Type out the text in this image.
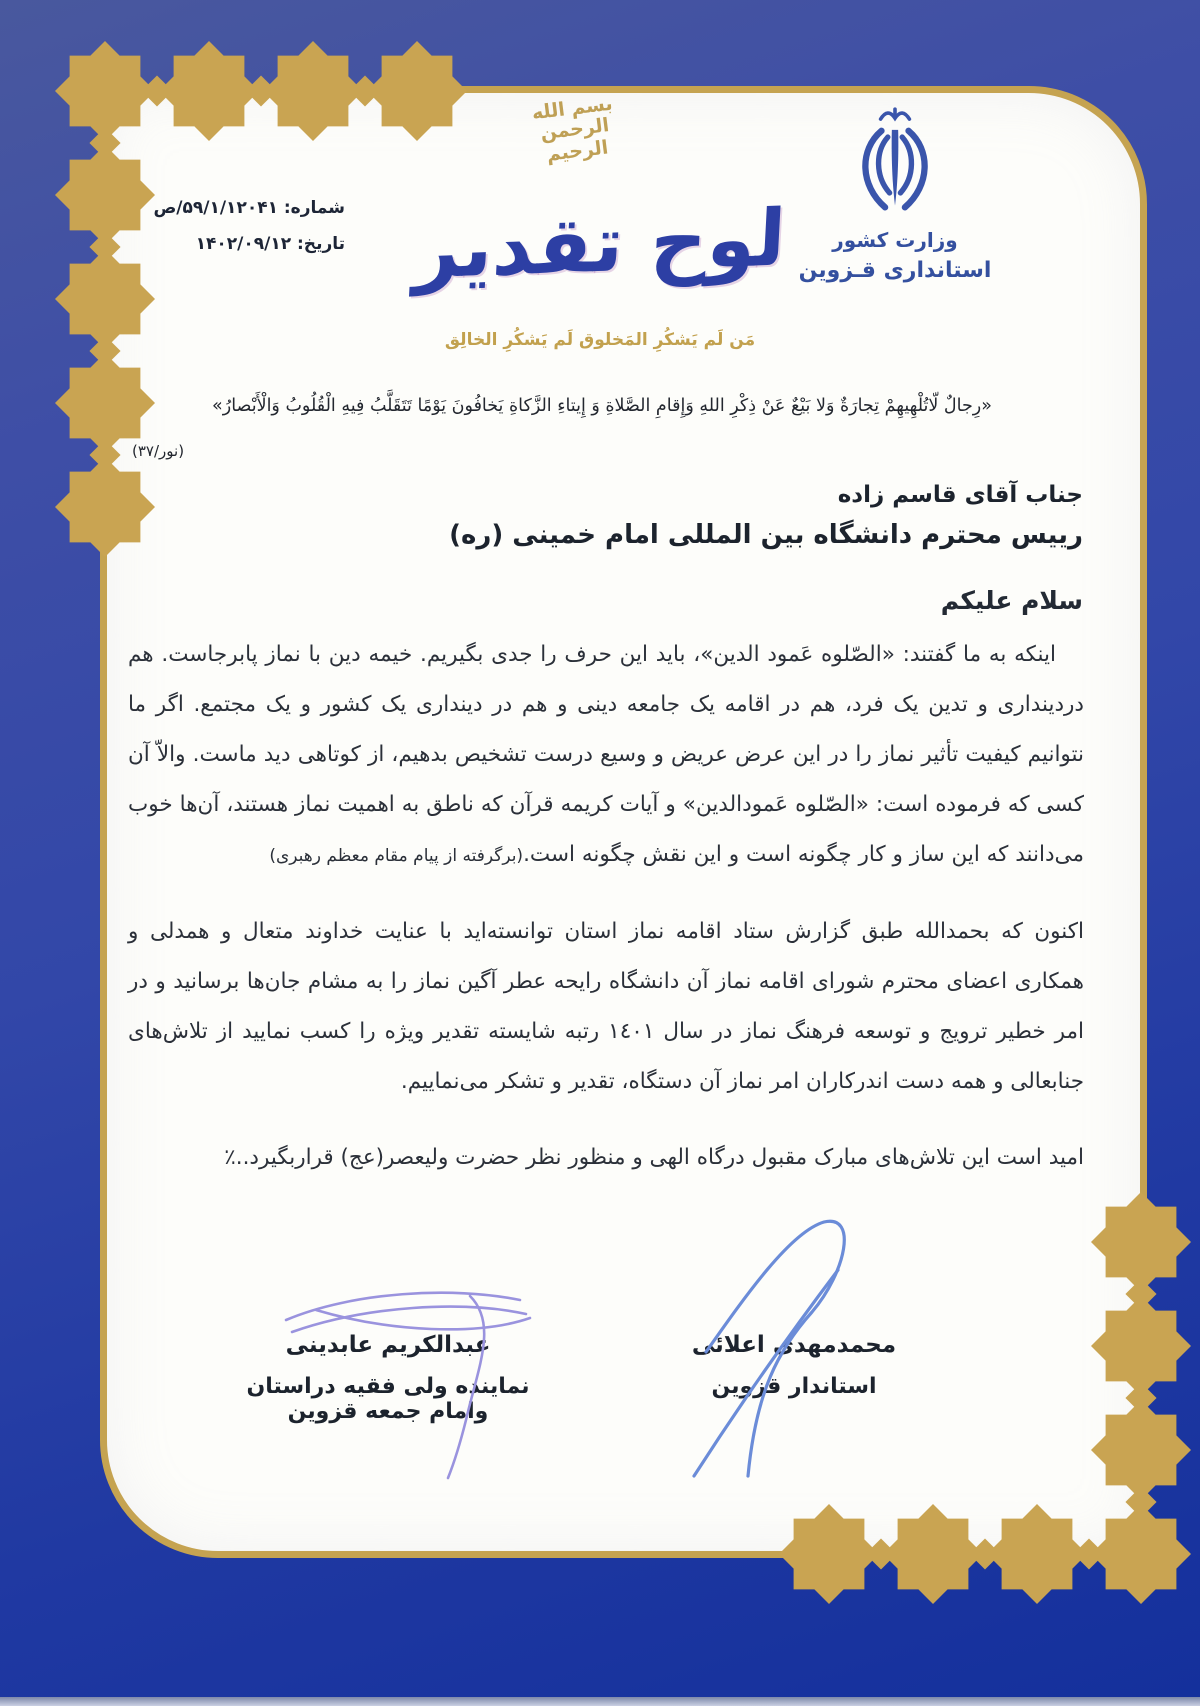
شماره: ۵۹/۱/۱۲۰۴۱/ص
تاریخ: ۱۴۰۲/۰۹/۱۲
بسم الله الرحمن الرحیم
لوح تقدیر
مَن لَم یَشکُرِ المَخلوق لَم یَشکُرِ الخالِق
وزارت کشور
استانداری قـزوین
«رِجالٌ لّاتُلْهِيهِمْ تِجارَةٌ وَلا بَيْعٌ عَنْ ذِكْرِ اللهِ وَإِقامِ الصَّلاةِ وَ إِيتاءِ الزَّكاةِ يَخافُونَ يَوْمًا تَتَقَلَّبُ فِيهِ الْقُلُوبُ وَالْأَبْصارُ»
(نور/۳۷)
جناب آقای قاسم زاده
رییس محترم دانشگاه بین المللی امام خمینی (ره)
سلام علیکم

اینکه به ما گفتند: «الصّلوه عَمود الدین»، باید این حرف را جدی بگیریم. خیمه دین با نماز پابرجاست. هم دردینداری و تدین یک فرد، هم در اقامه یک جامعه دینی و هم در دینداری یک کشور و یک مجتمع. اگر ما نتوانیم کیفیت تأثیر نماز را در این عرض عریض و وسیع درست تشخیص بدهیم، از کوتاهی دید ماست. والاّ آن کسی که فرموده است: «الصّلوه عَمودالدین» و آیات کریمه قرآن که ناطق به اهمیت نماز هستند، آن‌ها خوب می‌دانند که این ساز و کار چگونه است و این نقش چگونه است.(برگرفته از پیام مقام معظم رهبری)

اکنون که بحمدالله طبق گزارش ستاد اقامه نماز استان توانسته‌اید با عنایت خداوند متعال و همدلی و همکاری اعضای محترم شورای اقامه نماز آن دانشگاه رایحه عطر آگین نماز را به مشام جان‌ها برسانید و در امر خطیر ترویج و توسعه فرهنگ نماز در سال ١٤٠١ رتبه شایسته تقدیر ویژه را کسب نمایید از تلاش‌های جنابعالی و همه دست اندرکاران امر نماز آن دستگاه، تقدیر و تشکر می‌نماییم.

امید است این تلاش‌های مبارک مقبول درگاه الهی و منظور نظر حضرت ولیعصر(عج) قراربگیرد..٪

محمدمهدی اعلائی
استاندار قزوین
عبدالکریم عابدینی
نماینده ولی فقیه دراستان وامام جمعه قزوین
